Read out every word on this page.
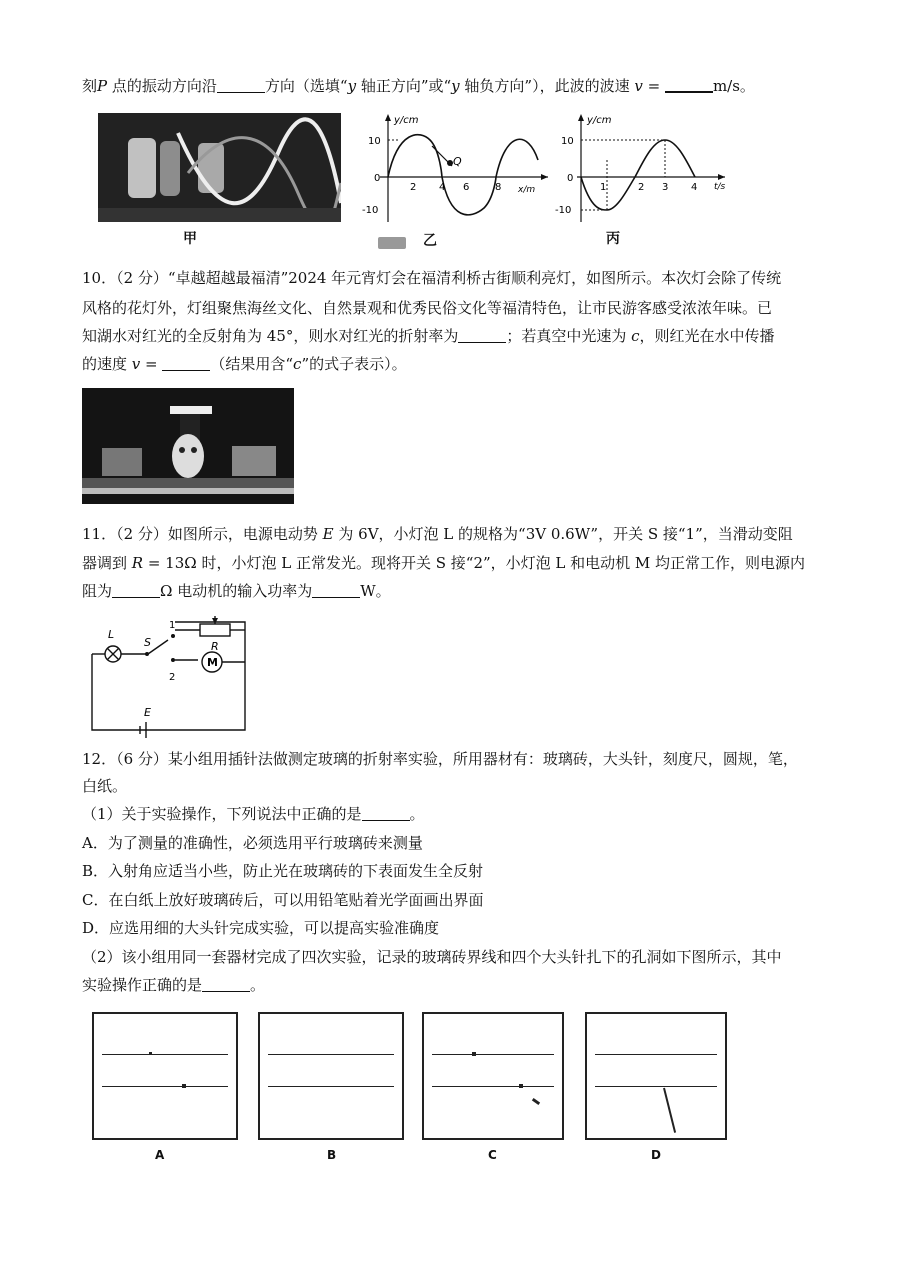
刻P 点的振动方向沿	方向（选填“y 轴正方向”或“y 轴负方向”），此波的波速 v =	m/s。
甲
y/cm
10
0
-10
2 4 6	8 x/m
Q
乙
y/cm
10
0
-10
1	2 3 4 t/s
丙
10．（2 分）“卓越超越最福清”2024 年元宵灯会在福清利桥古街顺利亮灯，如图所示。本次灯会除了传统
风格的花灯外，灯组聚焦海丝文化、自然景观和优秀民俗文化等福清特色，让市民游客感受浓浓年味。已
知湖水对红光的全反射角为 45°，则水对红光的折射率为	；若真空中光速为 c，则红光在水中传播
的速度 v =	（结果用含“c”的式子表示）。
11．（2 分）如图所示，电源电动势 E 为 6V，小灯泡 L 的规格为“3V 0.6W”，开关 S 接“1”，当滑动变阻
器调到 R = 13Ω 时，小灯泡 L 正常发光。现将开关 S 接“2”，小灯泡 L 和电动机 M 均正常工作，则电源内
阻为	Ω 电动机的输入功率为	W。
L
S
1
2
R
M
E
12．（6 分）某小组用插针法做测定玻璃的折射率实验，所用器材有：玻璃砖，大头针，刻度尺，圆规，笔，
白纸。
（1）关于实验操作，下列说法中正确的是	。
A．为了测量的准确性，必须选用平行玻璃砖来测量
B．入射角应适当小些，防止光在玻璃砖的下表面发生全反射
C．在白纸上放好玻璃砖后，可以用铅笔贴着光学面画出界面
D．应选用细的大头针完成实验，可以提高实验准确度
（2）该小组用同一套器材完成了四次实验，记录的玻璃砖界线和四个大头针扎下的孔洞如下图所示，其中
实验操作正确的是	。
A	B	C	D
